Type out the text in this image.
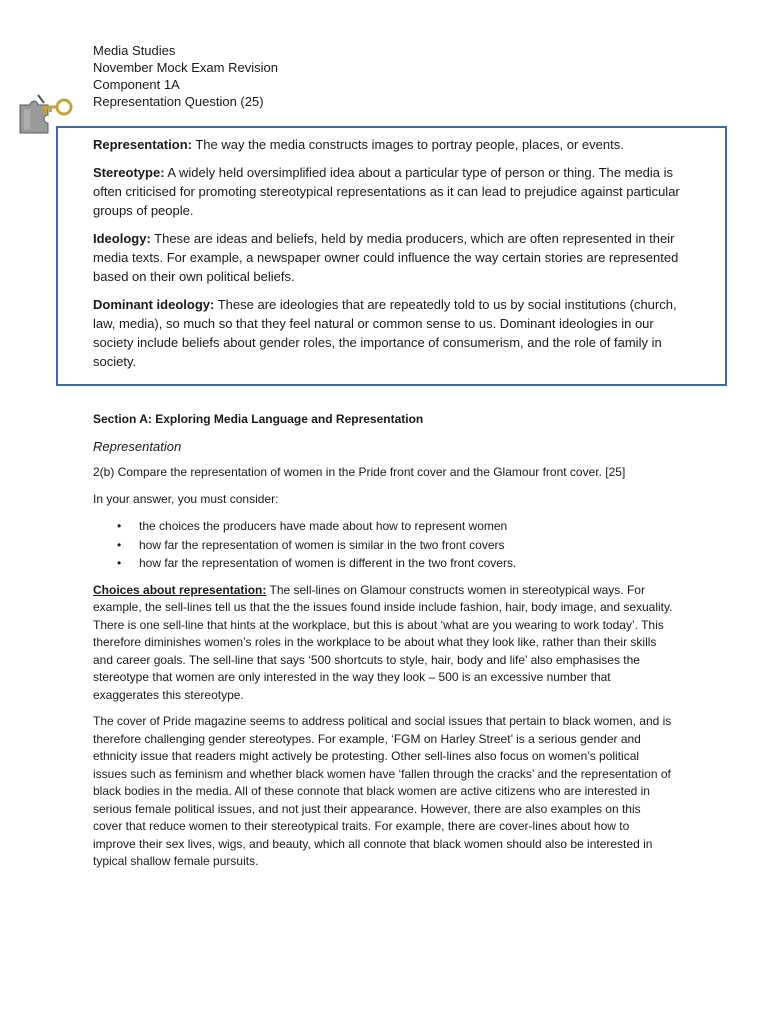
Media Studies
November Mock Exam Revision
Component 1A
Representation Question (25)

Representation: The way the media constructs images to portray people, places, or events.

Stereotype: A widely held oversimplified idea about a particular type of person or thing. The media is often criticised for promoting stereotypical representations as it can lead to prejudice against particular groups of people.

Ideology: These are ideas and beliefs, held by media producers, which are often represented in their media texts. For example, a newspaper owner could influence the way certain stories are represented based on their own political beliefs.

Dominant ideology: These are ideologies that are repeatedly told to us by social institutions (church, law, media), so much so that they feel natural or common sense to us. Dominant ideologies in our society include beliefs about gender roles, the importance of consumerism, and the role of family in society.

Section A: Exploring Media Language and Representation

Representation

2(b) Compare the representation of women in the Pride front cover and the Glamour front cover. [25]

In your answer, you must consider:

• the choices the producers have made about how to represent women
• how far the representation of women is similar in the two front covers
• how far the representation of women is different in the two front covers.

Choices about representation: The sell-lines on Glamour constructs women in stereotypical ways. For example, the sell-lines tell us that the the issues found inside include fashion, hair, body image, and sexuality. There is one sell-line that hints at the workplace, but this is about ‘what are you wearing to work today’. This therefore diminishes women’s roles in the workplace to be about what they look like, rather than their skills and career goals. The sell-line that says ‘500 shortcuts to style, hair, body and life’ also emphasises the stereotype that women are only interested in the way they look – 500 is an excessive number that exaggerates this stereotype.

The cover of Pride magazine seems to address political and social issues that pertain to black women, and is therefore challenging gender stereotypes. For example, ‘FGM on Harley Street’ is a serious gender and ethnicity issue that readers might actively be protesting. Other sell-lines also focus on women’s political issues such as feminism and whether black women have ‘fallen through the cracks’ and the representation of black bodies in the media. All of these connote that black women are active citizens who are interested in serious female political issues, and not just their appearance. However, there are also examples on this cover that reduce women to their stereotypical traits. For example, there are cover-lines about how to improve their sex lives, wigs, and beauty, which all connote that black women should also be interested in typical shallow female pursuits.
